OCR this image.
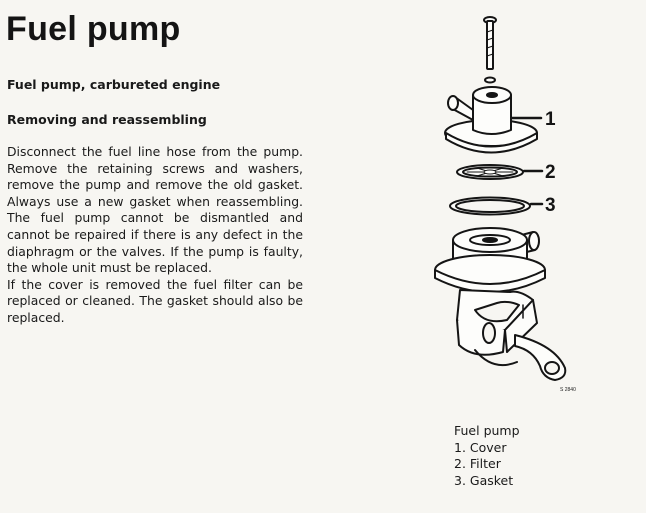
Fuel pump
Fuel pump, carbureted engine
Removing and reassembling

Disconnect the fuel line hose from the pump. Remove the retaining screws and washers, remove the pump and remove the old gasket. Always use a new gasket when reassembling. The fuel pump cannot be dismantled and cannot be repaired if there is any defect in the diaphragm or the valves. If the pump is faulty, the whole unit must be replaced.

If the cover is removed the fuel filter can be replaced or cleaned. The gasket should also be replaced.

1
2
3
S 2840
Fuel pump
1. Cover
2. Filter
3. Gasket
